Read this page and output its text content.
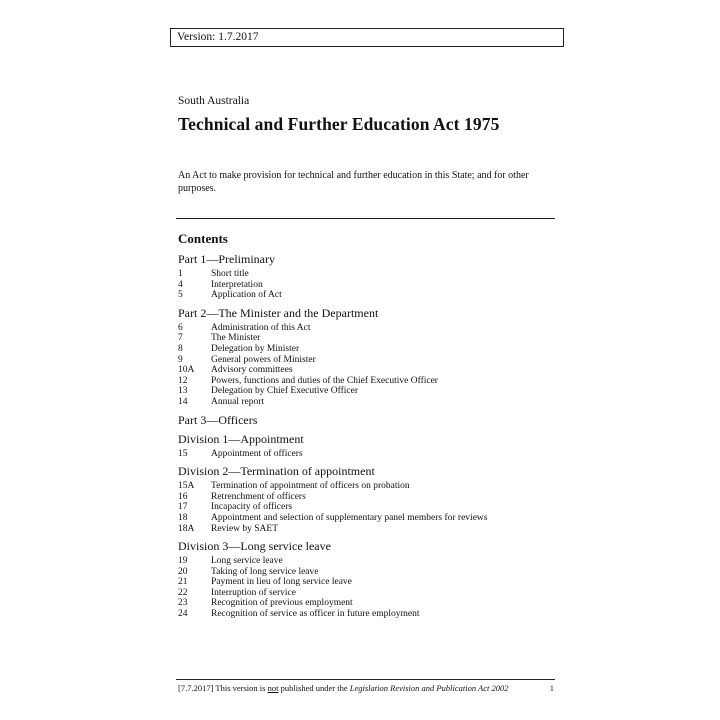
Version: 1.7.2017
South Australia
Technical and Further Education Act 1975
An Act to make provision for technical and further education in this State; and for other purposes.
Contents
Part 1—Preliminary
1	Short title
4	Interpretation
5	Application of Act
Part 2—The Minister and the Department
6	Administration of this Act
7	The Minister
8	Delegation by Minister
9	General powers of Minister
10A	Advisory committees
12	Powers, functions and duties of the Chief Executive Officer
13	Delegation by Chief Executive Officer
14	Annual report
Part 3—Officers
Division 1—Appointment
15	Appointment of officers
Division 2—Termination of appointment
15A	Termination of appointment of officers on probation
16	Retrenchment of officers
17	Incapacity of officers
18	Appointment and selection of supplementary panel members for reviews
18A	Review by SAET
Division 3—Long service leave
19	Long service leave
20	Taking of long service leave
21	Payment in lieu of long service leave
22	Interruption of service
23	Recognition of previous employment
24	Recognition of service as officer in future employment
[7.7.2017] This version is not published under the Legislation Revision and Publication Act 2002	1
